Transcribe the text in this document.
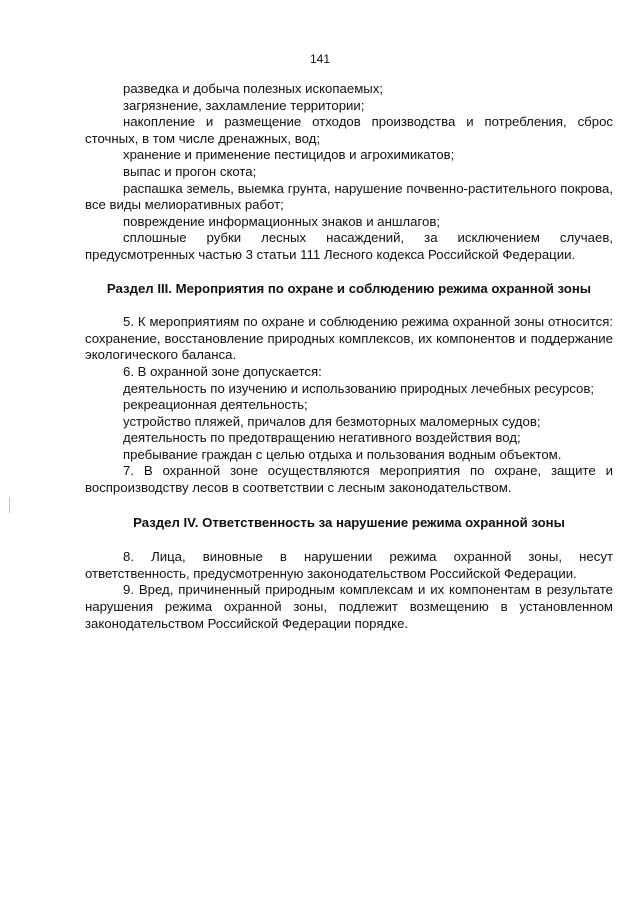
141

разведка и добыча полезных ископаемых;

загрязнение, захламление территории;

накопление и размещение отходов производства и потребления, сброс сточных, в том числе дренажных, вод;

хранение и применение пестицидов и агрохимикатов;

выпас и прогон скота;

распашка земель, выемка грунта, нарушение почвенно-растительного покрова, все виды мелиоративных работ;

повреждение информационных знаков и аншлагов;

сплошные рубки лесных насаждений, за исключением случаев, предусмотренных частью 3 статьи 111 Лесного кодекса Российской Федерации.

Раздел III. Мероприятия по охране и соблюдению режима охранной зоны

5. К мероприятиям по охране и соблюдению режима охранной зоны относится: сохранение, восстановление природных комплексов, их компонентов и поддержание экологического баланса.

6. В охранной зоне допускается:

деятельность по изучению и использованию природных лечебных ресурсов;

рекреационная деятельность;

устройство пляжей, причалов для безмоторных маломерных судов;

деятельность по предотвращению негативного воздействия вод;

пребывание граждан с целью отдыха и пользования водным объектом.

7. В охранной зоне осуществляются мероприятия по охране, защите и воспроизводству лесов в соответствии с лесным законодательством.

Раздел IV. Ответственность за нарушение режима охранной зоны

8. Лица, виновные в нарушении режима охранной зоны, несут ответственность, предусмотренную законодательством Российской Федерации.

9. Вред, причиненный природным комплексам и их компонентам в результате нарушения режима охранной зоны, подлежит возмещению в установленном законодательством Российской Федерации порядке.
